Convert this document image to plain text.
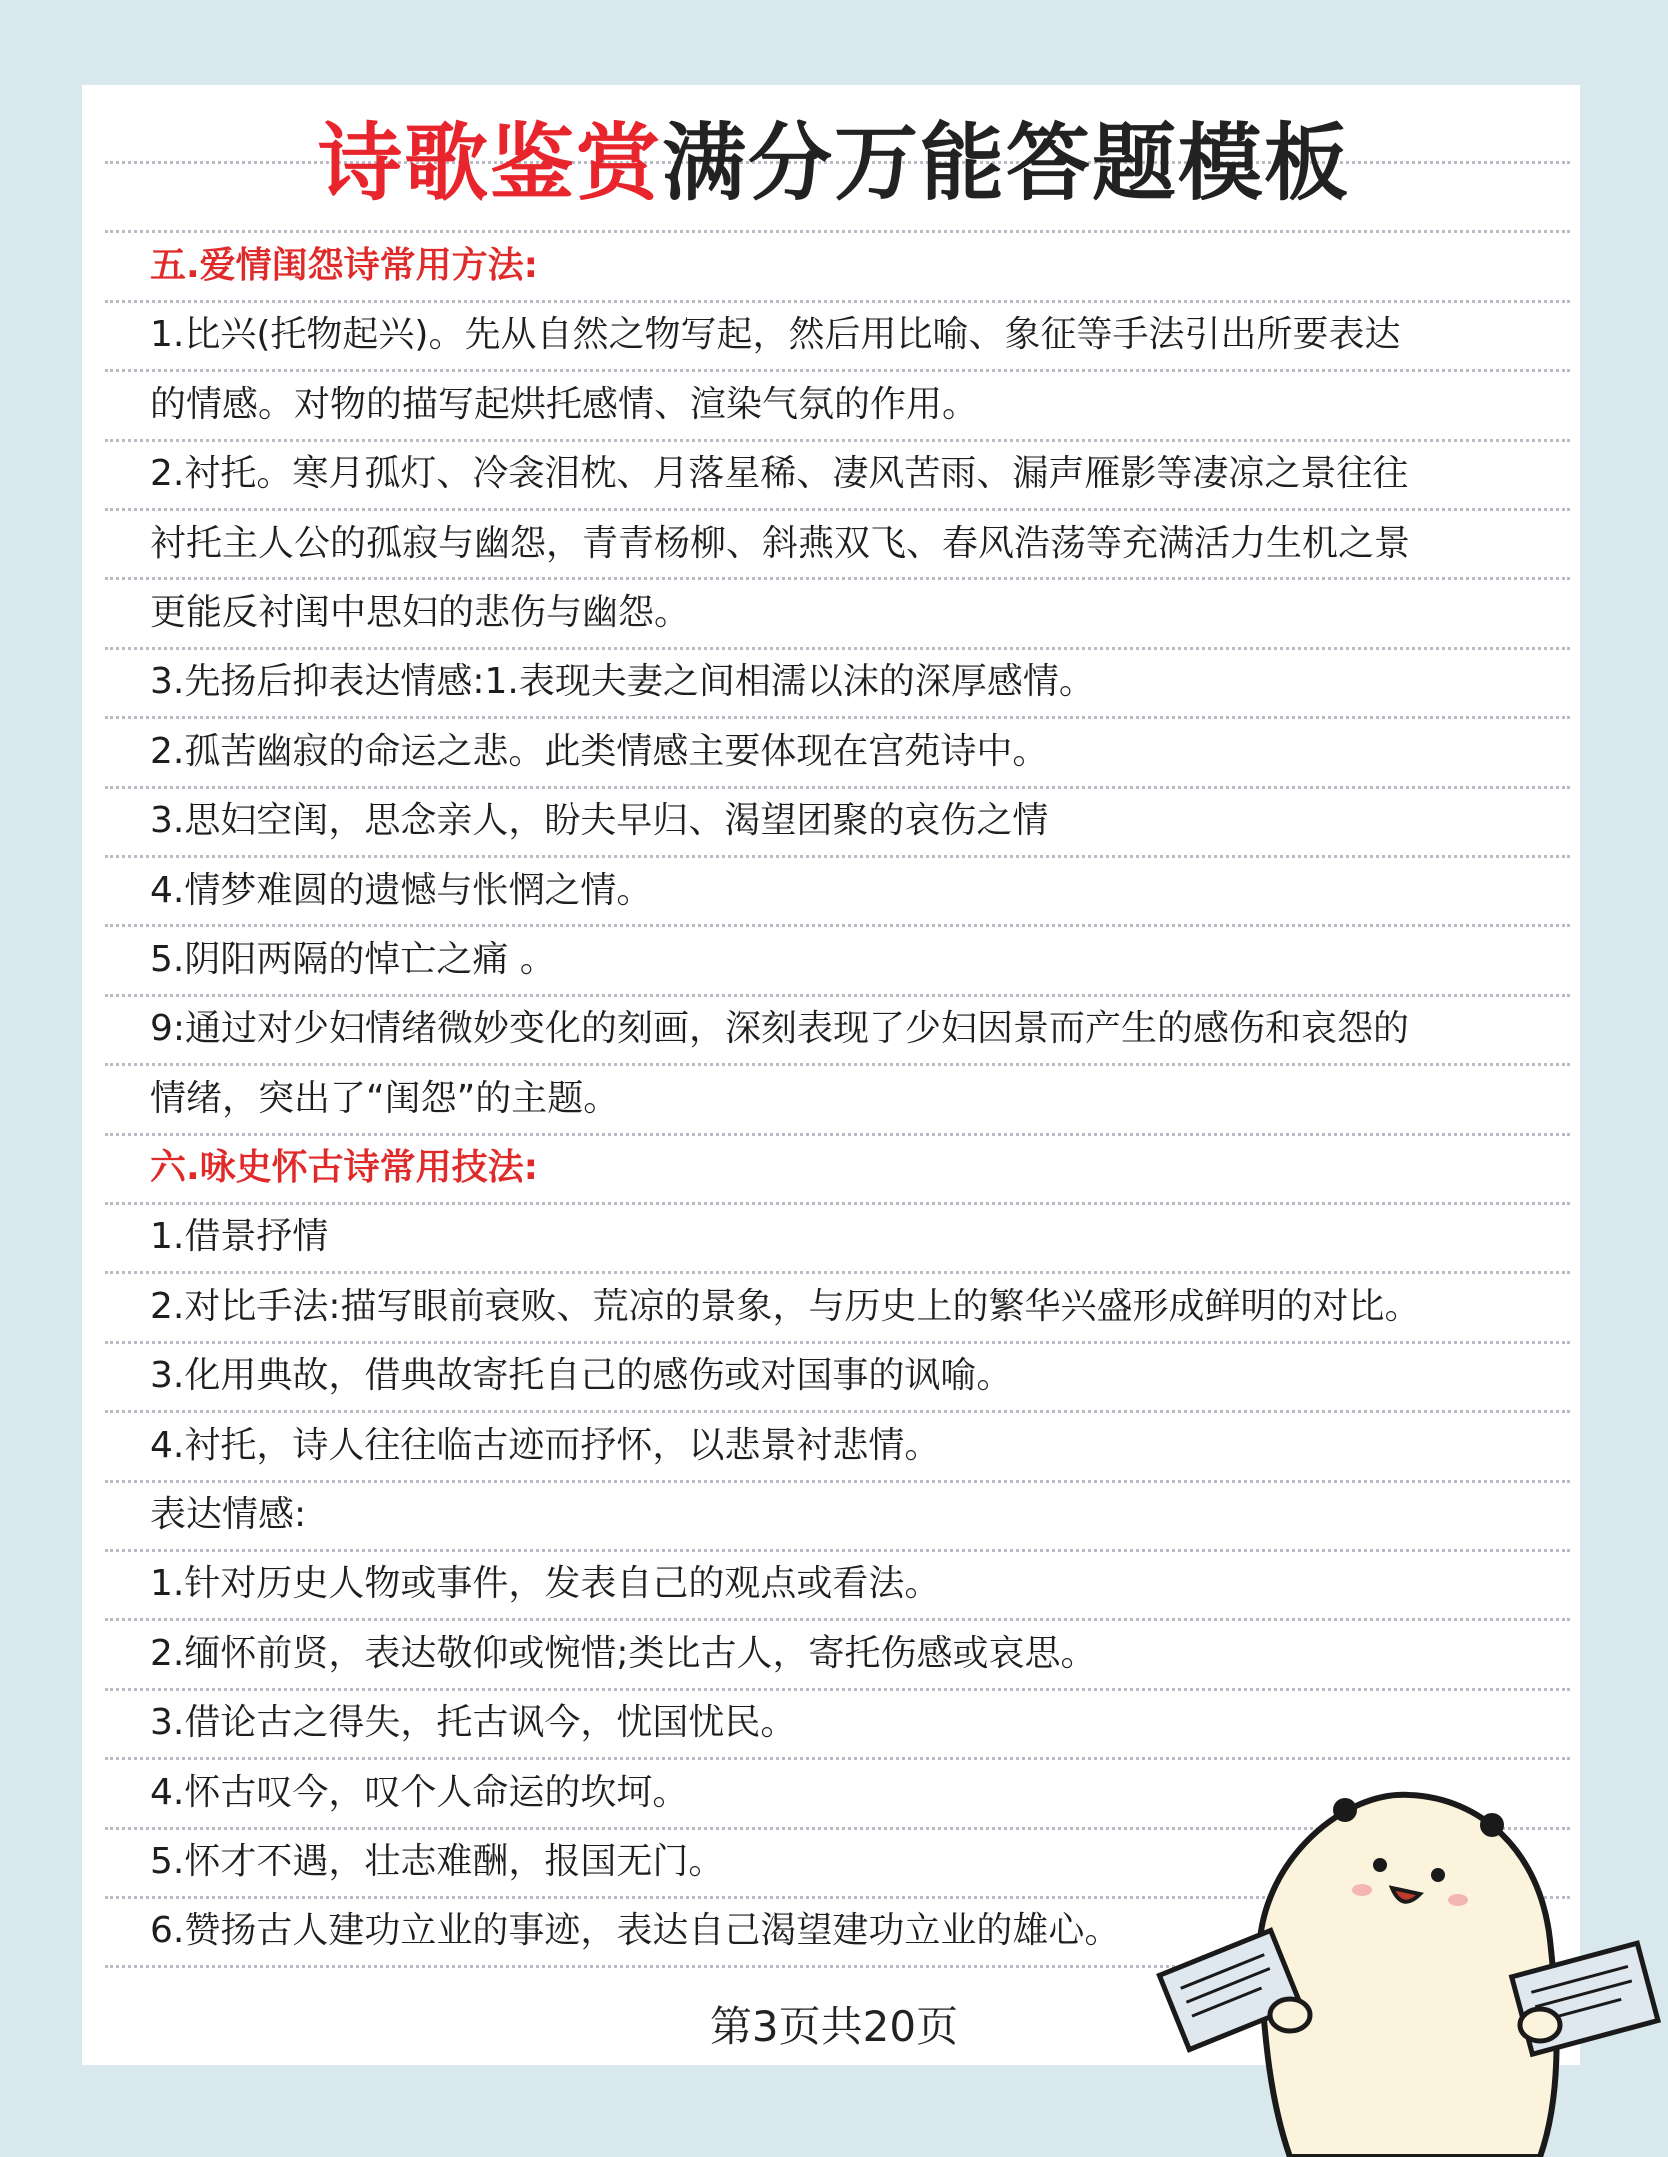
诗歌鉴赏满分万能答题模板
五.爱情闺怨诗常用方法:
1.比兴(托物起兴)。先从自然之物写起，然后用比喻、象征等手法引出所要表达
的情感。对物的描写起烘托感情、渲染气氛的作用。
2.衬托。寒月孤灯、冷衾泪枕、月落星稀、凄风苦雨、漏声雁影等凄凉之景往往
衬托主人公的孤寂与幽怨，青青杨柳、斜燕双飞、春风浩荡等充满活力生机之景
更能反衬闺中思妇的悲伤与幽怨。
3.先扬后抑表达情感:1.表现夫妻之间相濡以沫的深厚感情。
2.孤苦幽寂的命运之悲。此类情感主要体现在宫苑诗中。
3.思妇空闺，思念亲人，盼夫早归、渴望团聚的哀伤之情
4.情梦难圆的遗憾与怅惘之情。
5.阴阳两隔的悼亡之痛 。
9:通过对少妇情绪微妙变化的刻画，深刻表现了少妇因景而产生的感伤和哀怨的
情绪，突出了“闺怨”的主题。
六.咏史怀古诗常用技法:
1.借景抒情
2.对比手法:描写眼前衰败、荒凉的景象，与历史上的繁华兴盛形成鲜明的对比。
3.化用典故，借典故寄托自己的感伤或对国事的讽喻。
4.衬托，诗人往往临古迹而抒怀，以悲景衬悲情。
表达情感:
1.针对历史人物或事件，发表自己的观点或看法。
2.缅怀前贤，表达敬仰或惋惜;类比古人，寄托伤感或哀思。
3.借论古之得失，托古讽今，忧国忧民。
4.怀古叹今，叹个人命运的坎坷。
5.怀才不遇，壮志难酬，报国无门。
6.赞扬古人建功立业的事迹，表达自己渴望建功立业的雄心。
第3页共20页
